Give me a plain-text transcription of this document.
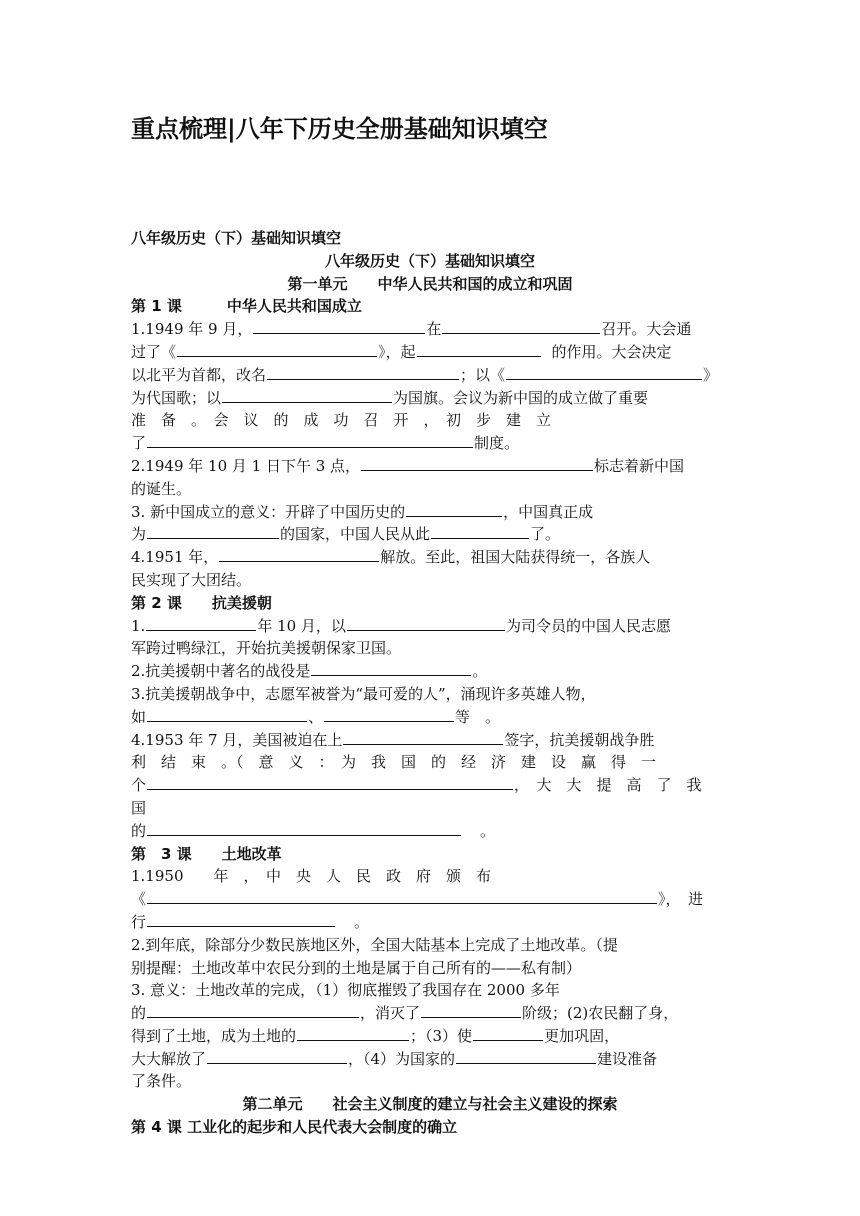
重点梳理|八年下历史全册基础知识填空

八年级历史（下）基础知识填空

八年级历史（下）基础知识填空

第一单元　　中华人民共和国的成立和巩固

第 1 课　　　中华人民共和国成立

1.1949 年 9 月，	在	召开。大会通
过了《	》，起	的作用。大会决定
以北平为首都，改名	；以《	》
为代国歌；以	为国旗。会议为新中国的成立做了重要
准　备　。　会　议　的　成　功　召　开　，　初　步　建　立
了	制度。

2.1949 年 10 月 1 日下午 3 点，	标志着新中国
的诞生。

3. 新中国成立的意义：开辟了中国历史的	，中国真正成
为	的国家，中国人民从此	了。

4.1951 年，	解放。至此，祖国大陆获得统一，各族人
民实现了大团结。

第 2 课　　抗美援朝

1.	年 10 月，以	为司令员的中国人民志愿
军跨过鸭绿江，开始抗美援朝保家卫国。

2.抗美援朝中著名的战役是	。

3.抗美援朝战争中，志愿军被誉为“最可爱的人”，涌现许多英雄人物，
如	、	等　。

4.1953 年 7 月，美国被迫在上	签字，抗美援朝战争胜
利　结　束　。（　意　义　：　为　我　国　的　经　济　建　设　赢　得　一
个	，　大　大　提　高　了　我　国
的	。

第　3 课　　土地改革

1.1950　　年　，　中　央　人　民　政　府　颁　布
《	》，　进
行	。

2.到年底，除部分少数民族地区外，全国大陆基本上完成了土地改革。（提
别提醒：土地改革中农民分到的土地是属于自己所有的——私有制）

3. 意义：土地改革的完成，（1）彻底摧毁了我国存在 2000 多年
的	，消灭了	阶级；(2)农民翻了身，
得到了土地，成为土地的	；（3）使	更加巩固，
大大解放了	，（4）为国家的	建设准备
了条件。

第二单元　　社会主义制度的建立与社会主义建设的探索

第 4 课 工业化的起步和人民代表大会制度的确立
